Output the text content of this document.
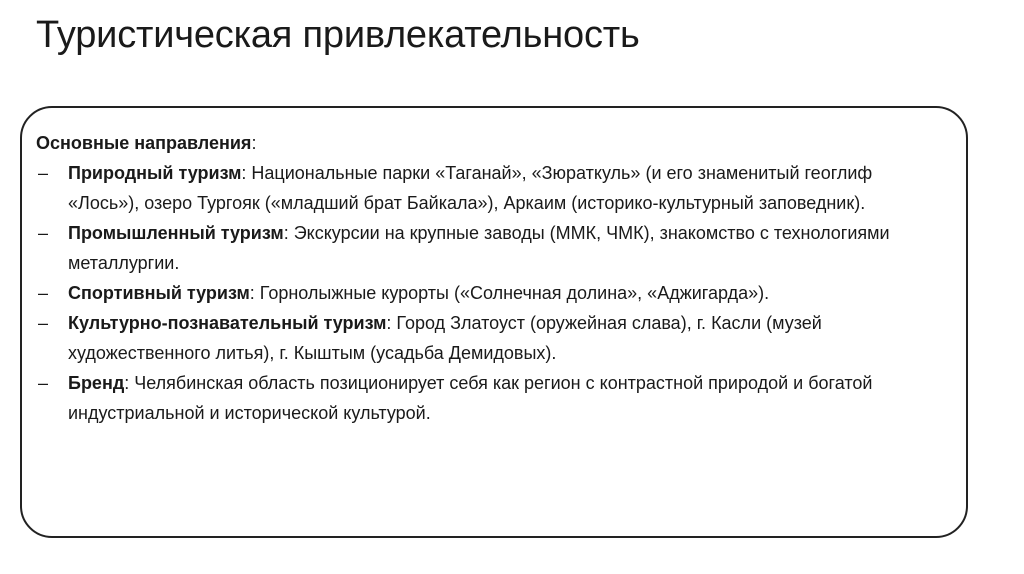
Туристическая привлекательность

Основные направления:

– Природный туризм: Национальные парки «Таганай», «Зюраткуль» (и его знаменитый геоглиф «Лось»), озеро Тургояк («младший брат Байкала»), Аркаим (историко-культурный заповедник).
– Промышленный туризм: Экскурсии на крупные заводы (ММК, ЧМК), знакомство с технологиями металлургии.
– Спортивный туризм: Горнолыжные курорты («Солнечная долина», «Аджигарда»).
– Культурно-познавательный туризм: Город Златоуст (оружейная слава), г. Касли (музей художественного литья), г. Кыштым (усадьба Демидовых).
– Бренд: Челябинская область позиционирует себя как регион с контрастной природой и богатой индустриальной и исторической культурой.
